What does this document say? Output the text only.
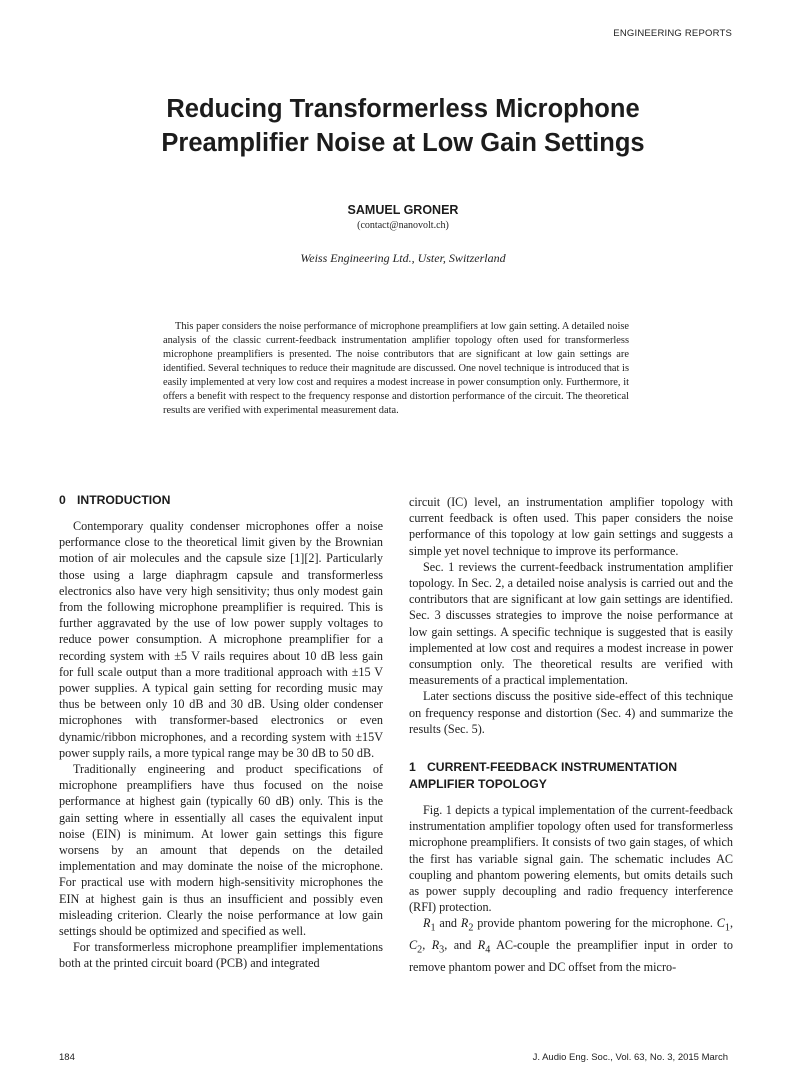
ENGINEERING REPORTS
Reducing Transformerless Microphone
Preamplifier Noise at Low Gain Settings
SAMUEL GRONER
(contact@nanovolt.ch)
Weiss Engineering Ltd., Uster, Switzerland
This paper considers the noise performance of microphone preamplifiers at low gain setting. A detailed noise analysis of the classic current-feedback instrumentation amplifier topology often used for transformerless microphone preamplifiers is presented. The noise contributors that are significant at low gain settings are identified. Several techniques to reduce their magnitude are discussed. One novel technique is introduced that is easily implemented at very low cost and requires a modest increase in power consumption only. Furthermore, it offers a benefit with respect to the frequency response and distortion performance of the circuit. The theoretical results are verified with experimental measurement data.
0 INTRODUCTION

Contemporary quality condenser microphones offer a noise performance close to the theoretical limit given by the Brownian motion of air molecules and the capsule size [1][2]. Particularly those using a large diaphragm capsule and transformerless electronics also have very high sensitivity; thus only modest gain from the following microphone preamplifier is required. This is further aggravated by the use of low power supply voltages to reduce power consumption. A microphone preamplifier for a recording system with ±5 V rails requires about 10 dB less gain for full scale output than a more traditional approach with ±15 V power supplies. A typical gain setting for recording music may thus be between only 10 dB and 30 dB. Using older condenser microphones with transformer-based electronics or even dynamic/ribbon microphones, and a recording system with ±15V power supply rails, a more typical range may be 30 dB to 50 dB.

Traditionally engineering and product specifications of microphone preamplifiers have thus focused on the noise performance at highest gain (typically 60 dB) only. This is the gain setting where in essentially all cases the equivalent input noise (EIN) is minimum. At lower gain settings this figure worsens by an amount that depends on the detailed implementation and may dominate the noise of the microphone. For practical use with modern high-sensitivity microphones the EIN at highest gain is thus an insufficient and possibly even misleading criterion. Clearly the noise performance at low gain settings should be optimized and specified as well.

For transformerless microphone preamplifier implementations both at the printed circuit board (PCB) and integrated

circuit (IC) level, an instrumentation amplifier topology with current feedback is often used. This paper considers the noise performance of this topology at low gain settings and suggests a simple yet novel technique to improve its performance.

Sec. 1 reviews the current-feedback instrumentation amplifier topology. In Sec. 2, a detailed noise analysis is carried out and the contributors that are significant at low gain settings are identified. Sec. 3 discusses strategies to improve the noise performance at low gain settings. A specific technique is suggested that is easily implemented at low cost and requires a modest increase in power consumption only. The theoretical results are verified with measurements of a practical implementation.

Later sections discuss the positive side-effect of this technique on frequency response and distortion (Sec. 4) and summarize the results (Sec. 5).

1 CURRENT-FEEDBACK INSTRUMENTATION
AMPLIFIER TOPOLOGY

Fig. 1 depicts a typical implementation of the current-feedback instrumentation amplifier topology often used for transformerless microphone preamplifiers. It consists of two gain stages, of which the first has variable signal gain. The schematic includes AC coupling and phantom powering elements, but omits details such as power supply decoupling and radio frequency interference (RFI) protection.

$R_1$ and $R_2$ provide phantom powering for the microphone. $C_1$, $C_2$, $R_3$, and $R_4$ AC-couple the preamplifier input in order to remove phantom power and DC offset from the micro-

184	J. Audio Eng. Soc., Vol. 63, No. 3, 2015 March
